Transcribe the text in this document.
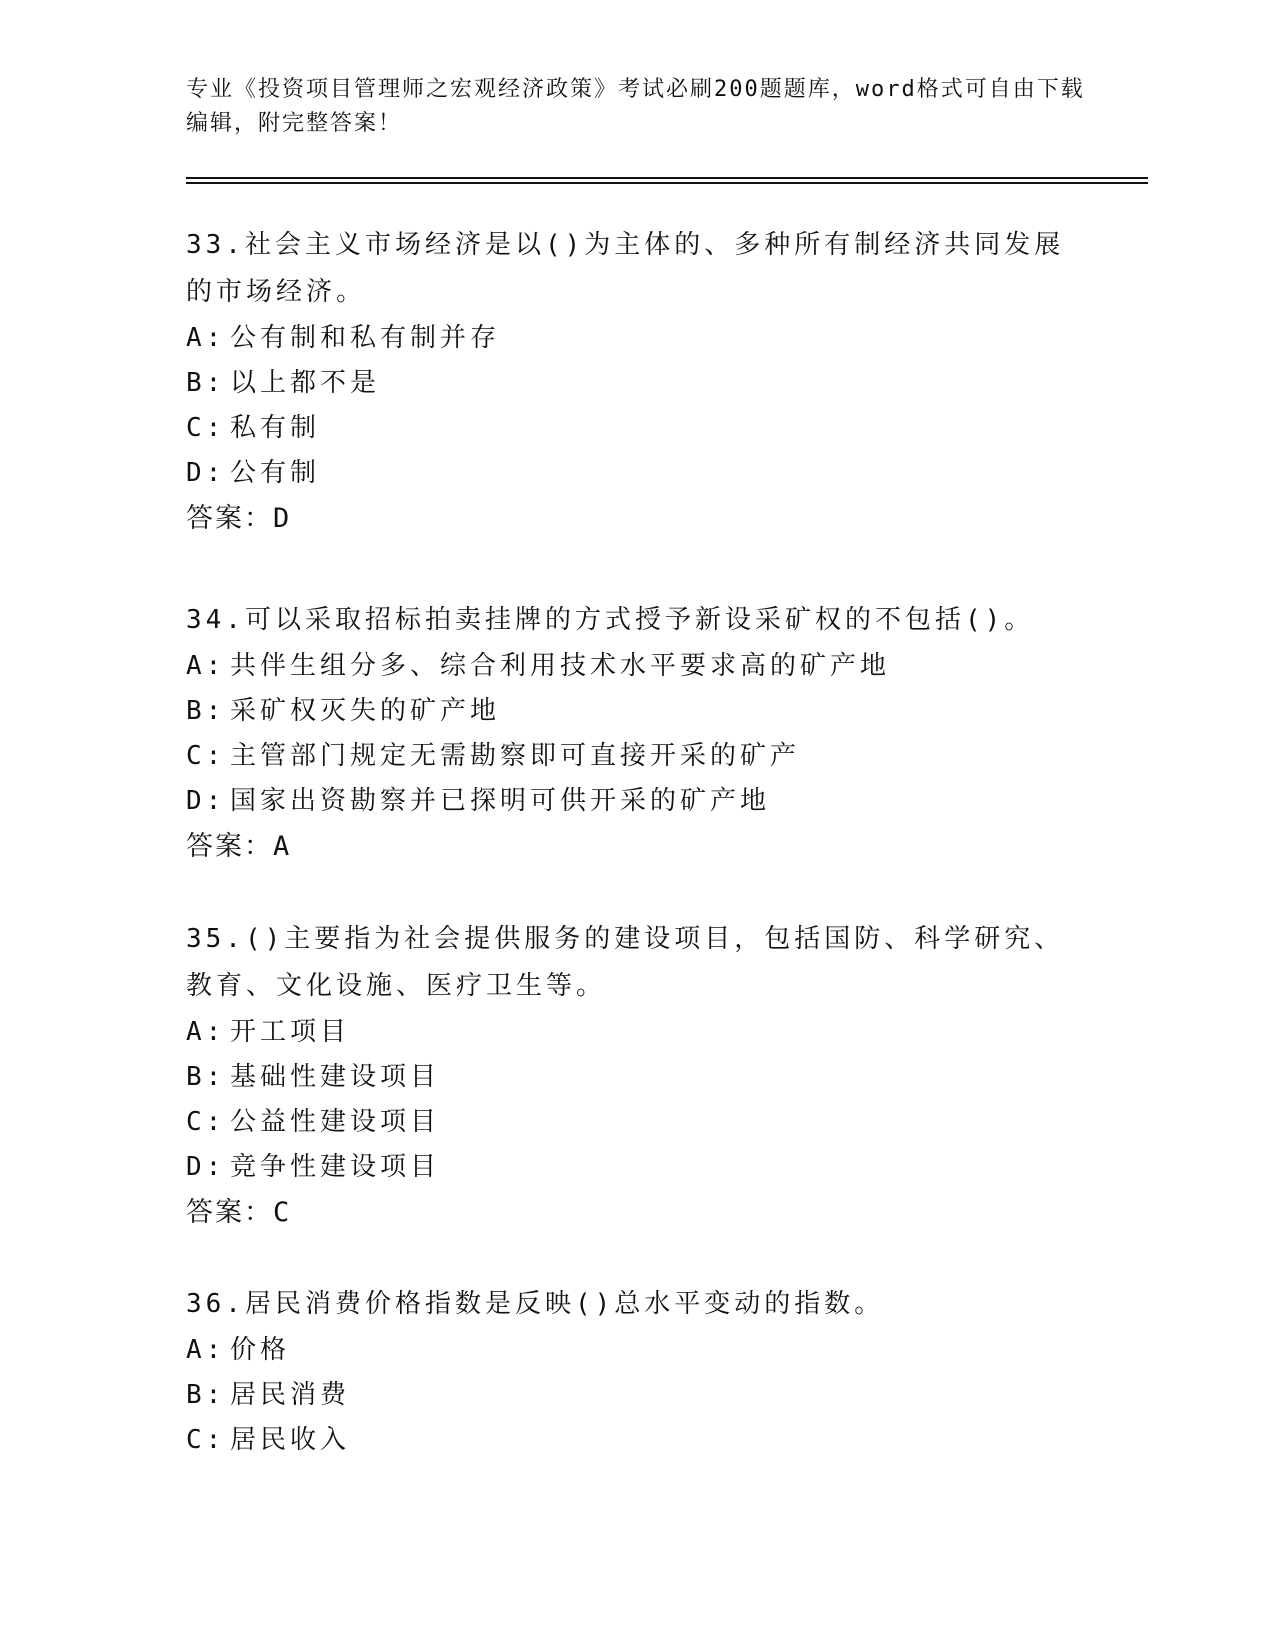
专业《投资项目管理师之宏观经济政策》考试必刷200题题库，word格式可自由下载编辑，附完整答案！

33.社会主义市场经济是以()为主体的、多种所有制经济共同发展的市场经济。

A: 公有制和私有制并存
B: 以上都不是
C: 私有制
D: 公有制

答案：D

34.可以采取招标拍卖挂牌的方式授予新设采矿权的不包括()。

A: 共伴生组分多、综合利用技术水平要求高的矿产地
B: 采矿权灭失的矿产地
C: 主管部门规定无需勘察即可直接开采的矿产
D: 国家出资勘察并已探明可供开采的矿产地

答案：A

35.()主要指为社会提供服务的建设项目，包括国防、科学研究、教育、文化设施、医疗卫生等。

A: 开工项目
B: 基础性建设项目
C: 公益性建设项目
D: 竞争性建设项目

答案：C

36.居民消费价格指数是反映()总水平变动的指数。

A: 价格
B: 居民消费
C: 居民收入
